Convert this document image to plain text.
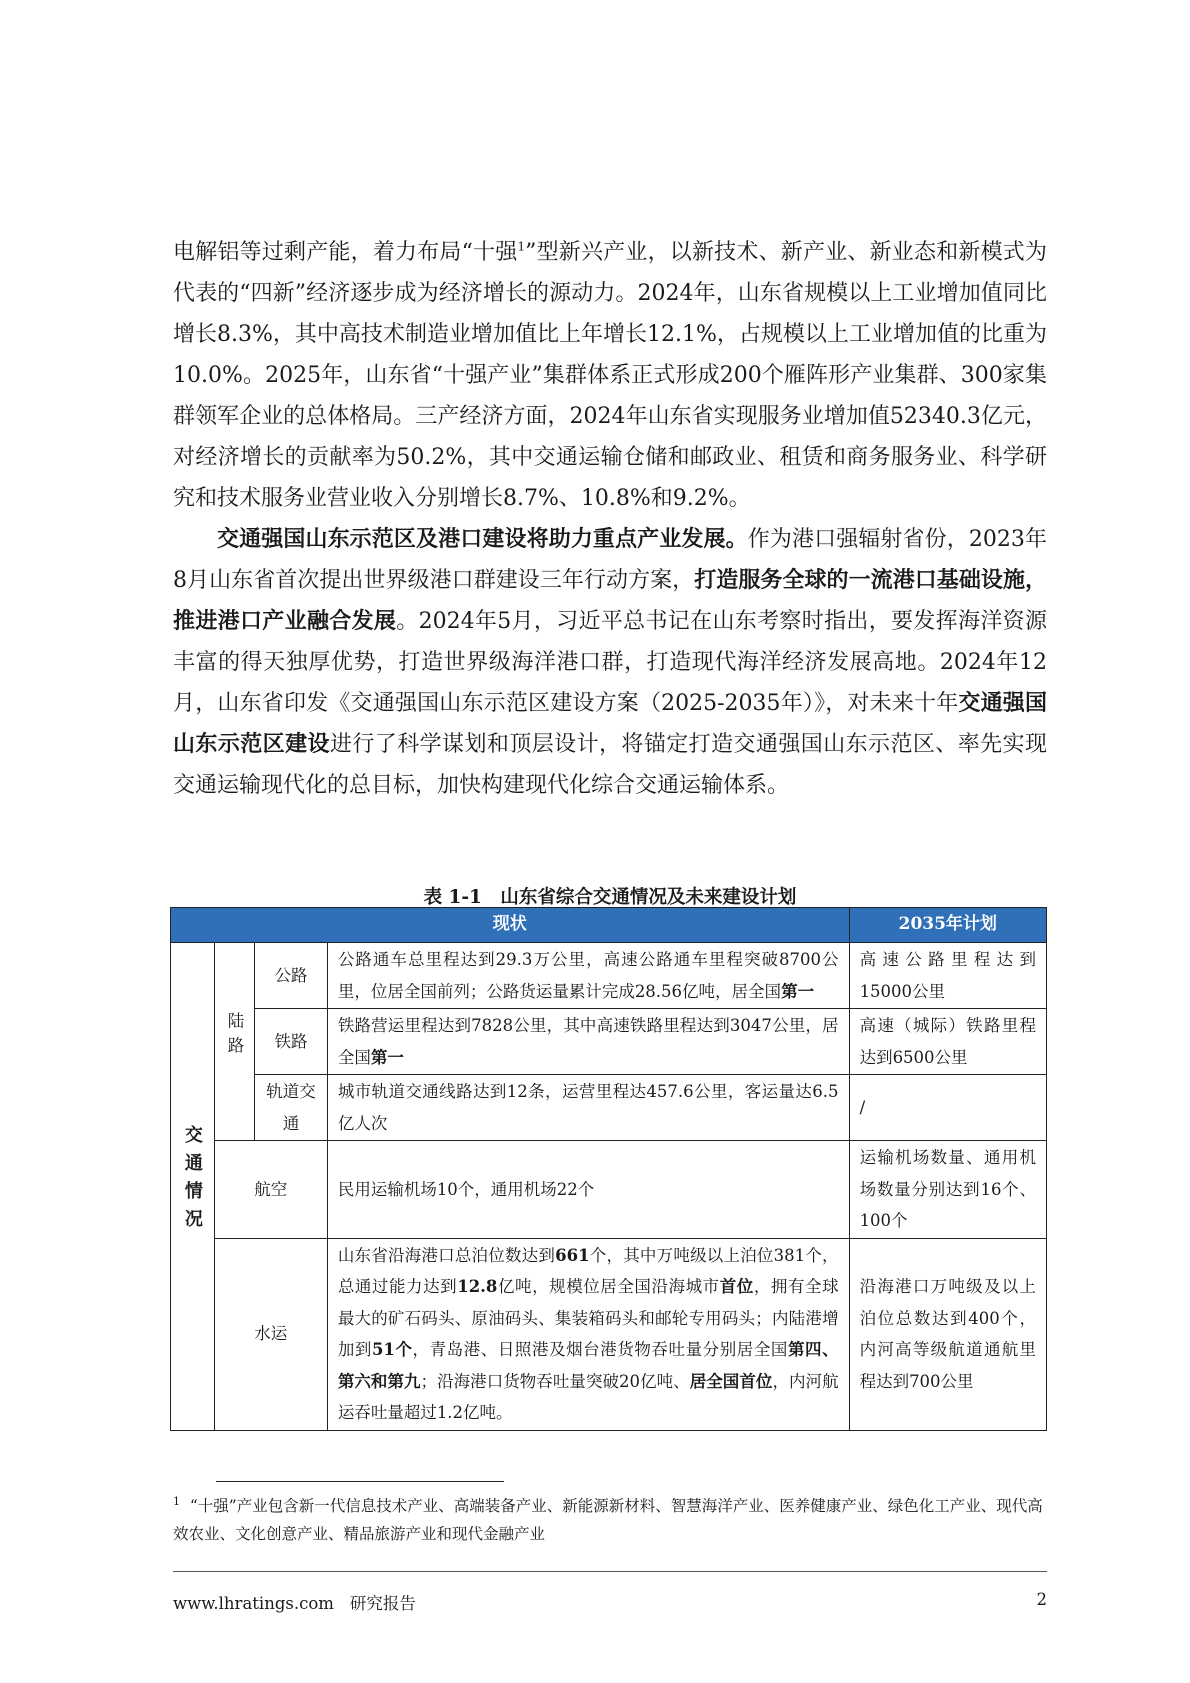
电解铝等过剩产能，着力布局“十强$^1$”型新兴产业，以新技术、新产业、新业态和新模式为代表的“四新”经济逐步成为经济增长的源动力。2024年，山东省规模以上工业增加值同比增长8.3%，其中高技术制造业增加值比上年增长12.1%，占规模以上工业增加值的比重为10.0%。2025年，山东省“十强产业”集群体系正式形成200个雁阵形产业集群、300家集群领军企业的总体格局。三产经济方面，2024年山东省实现服务业增加值52340.3亿元，对经济增长的贡献率为50.2%，其中交通运输仓储和邮政业、租赁和商务服务业、科学研究和技术服务业营业收入分别增长8.7%、10.8%和9.2%。

交通强国山东示范区及港口建设将助力重点产业发展。作为港口强辐射省份，2023年8月山东省首次提出世界级港口群建设三年行动方案，打造服务全球的一流港口基础设施，推进港口产业融合发展。2024年5月，习近平总书记在山东考察时指出，要发挥海洋资源丰富的得天独厚优势，打造世界级海洋港口群，打造现代海洋经济发展高地。2024年12月，山东省印发《交通强国山东示范区建设方案（2025-2035年）》，对未来十年交通强国山东示范区建设进行了科学谋划和顶层设计，将锚定打造交通强国山东示范区、率先实现交通运输现代化的总目标，加快构建现代化综合交通运输体系。

表 1-1　山东省综合交通情况及未来建设计划
现状				2035年计划
交通情况	陆路	公路	公路通车总里程达到29.3万公里，高速公路通车里程突破8700公里，位居全国前列；公路货运量累计完成28.56亿吨，居全国第一	高速公路里程达到15000公里
		铁路	铁路营运里程达到7828公里，其中高速铁路里程达到3047公里，居全国第一	高速（城际）铁路里程达到6500公里
		轨道交通	城市轨道交通线路达到12条，运营里程达457.6公里，客运量达6.5亿人次	/
	航空		民用运输机场10个，通用机场22个	运输机场数量、通用机场数量分别达到16个、100个
	水运		山东省沿海港口总泊位数达到661个，其中万吨级以上泊位381个，总通过能力达到12.8亿吨，规模位居全国沿海城市首位，拥有全球最大的矿石码头、原油码头、集装箱码头和邮轮专用码头；内陆港增加到51个，青岛港、日照港及烟台港货物吞吐量分别居全国第四、第六和第九；沿海港口货物吞吐量突破20亿吨、居全国首位，内河航运吞吐量超过1.2亿吨。	沿海港口万吨级及以上泊位总数达到400个，内河高等级航道通航里程达到700公里
$^1$ “十强”产业包含新一代信息技术产业、高端装备产业、新能源新材料、智慧海洋产业、医养健康产业、绿色化工产业、现代高效农业、文化创意产业、精品旅游产业和现代金融产业
www.lhratings.com 研究报告	2
